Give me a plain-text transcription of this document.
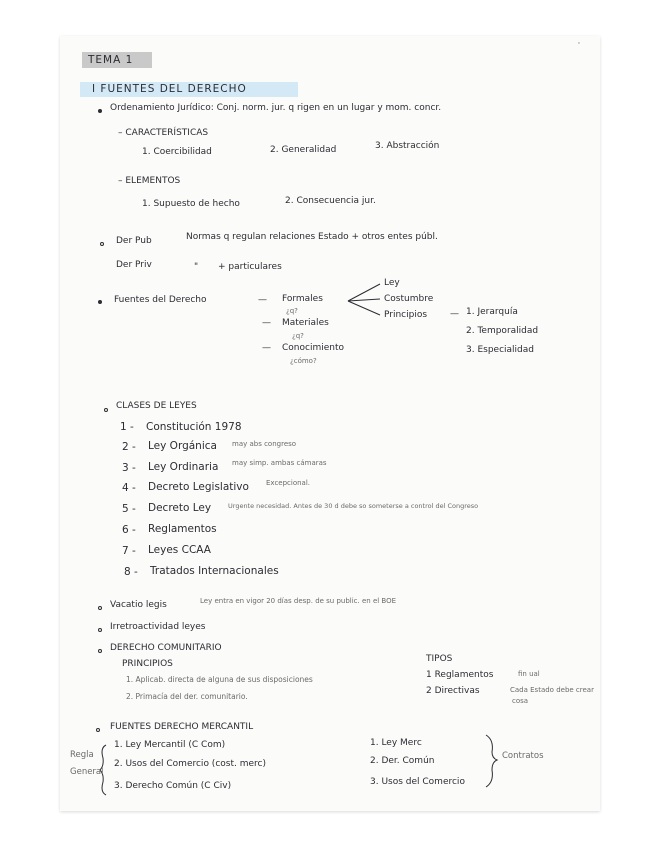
'
TEMA 1
I FUENTES DEL DERECHO
Ordenamiento Jurídico: Conj. norm. jur. q rigen en un lugar y mom. concr.
– CARACTERÍSTICAS
1. Coercibilidad	2. Generalidad	3. Abstracción
– ELEMENTOS
1. Supuesto de hecho	2. Consecuencia jur.
Der Pub	Normas q regulan relaciones Estado + otros entes públ.
Der Priv	" + particulares
Fuentes del Derecho	— Formales
¿q?
— Materiales
¿q?
— Conocimiento
¿cómo?
Ley
Costumbre
Principios	— 1. Jerarquía
2. Temporalidad
3. Especialidad
CLASES DE LEYES
1 - Constitución 1978
2 - Ley Orgánica may abs congreso
3 - Ley Ordinaria may simp. ambas cámaras
4 - Decreto Legislativo Excepcional.
5 - Decreto Ley	Urgente necesidad. Antes de 30 d debe so someterse a control del Congreso
6 - Reglamentos
7 - Leyes CCAA
8 - Tratados Internacionales
Vacatio legis	Ley entra en vigor 20 días desp. de su public. en el BOE
Irretroactividad leyes
DERECHO COMUNITARIO
PRINCIPIOS
1. Aplicab. directa de alguna de sus disposiciones
2. Primacía del der. comunitario.
TIPOS
1 Reglamentos	fin ual
2 Directivas	Cada Estado debe crear
cosa
FUENTES DERECHO MERCANTIL
Regla
General
1. Ley Mercantil (C Com)
2. Usos del Comercio (cost. merc)
3. Derecho Común (C Civ)
1. Ley Merc
2. Der. Común
3. Usos del Comercio
Contratos
